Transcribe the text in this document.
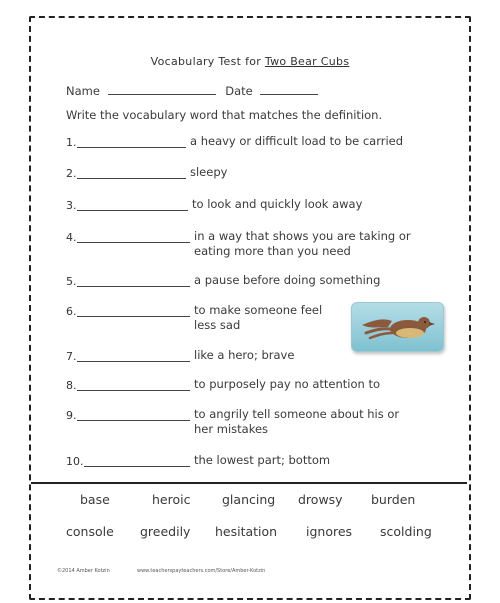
Vocabulary Test for Two Bear Cubs
Name	Date
Write the vocabulary word that matches the definition.
1.	a heavy or difficult load to be carried
2.	sleepy
3.	to look and quickly look away
4.	in a way that shows you are taking or
eating more than you need
5.	a pause before doing something
6.	to make someone feel
less sad
7.	like a hero; brave
8.	to purposely pay no attention to
9.	to angrily tell someone about his or
her mistakes
10.	the lowest part; bottom
base	heroic	glancing drowsy burden
console greedily hesitation ignores scolding
©2014 Amber Kotzin	www.teacherspayteachers.com/Store/Amber-Kotzin
